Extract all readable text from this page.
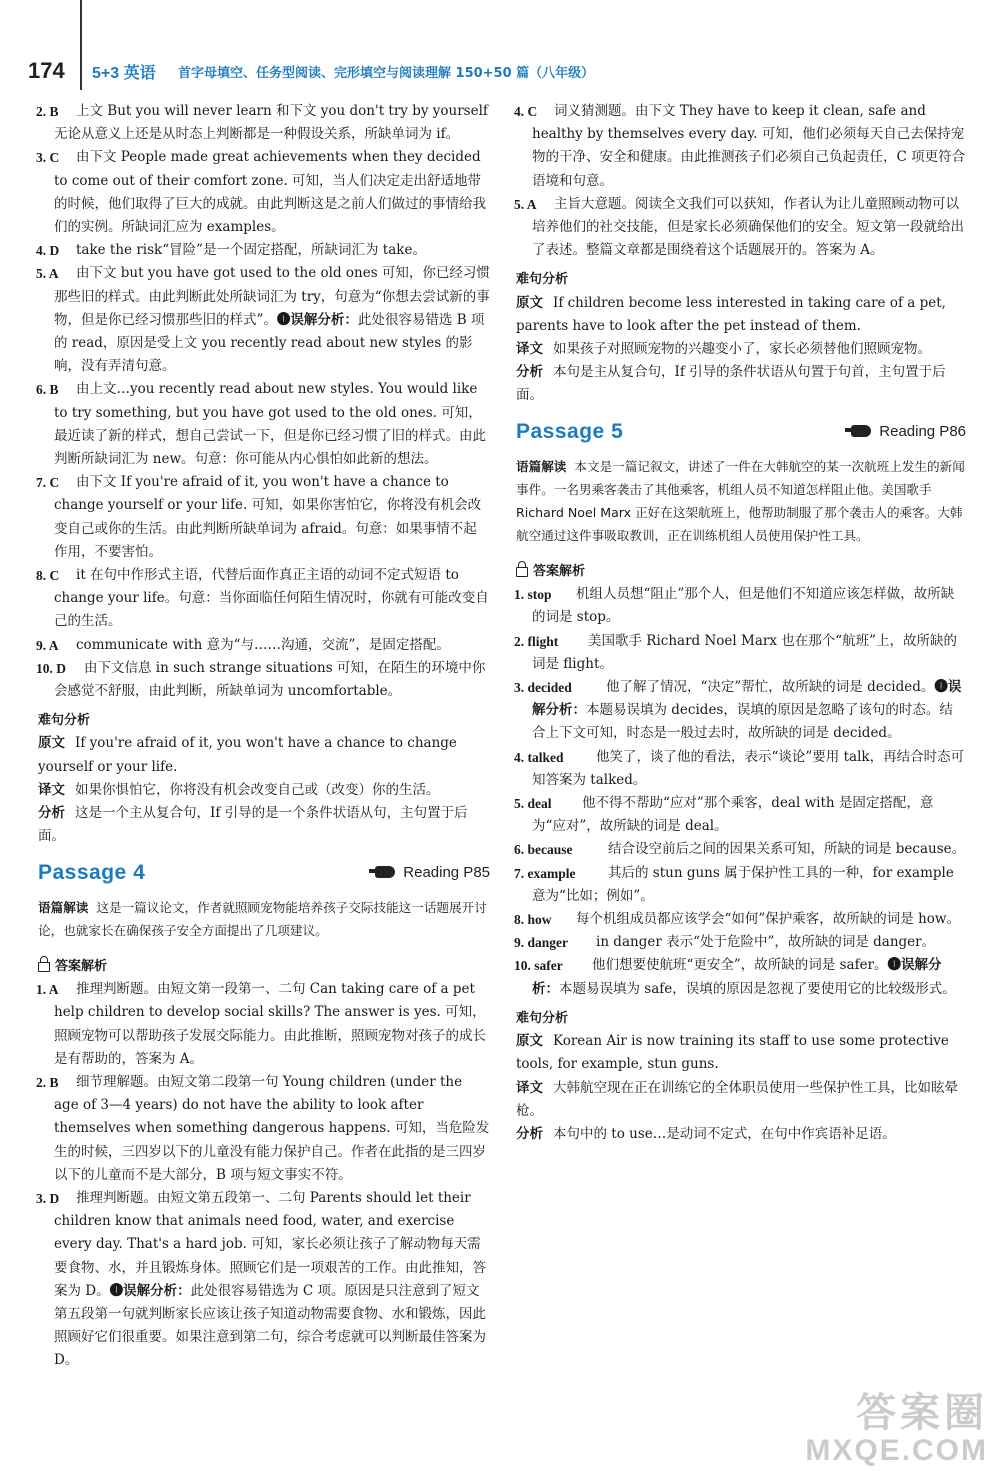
174 5+3 英语 首字母填空、任务型阅读、完形填空与阅读理解 150+50 篇（八年级）
2. B 上文 But you will never learn 和下文 you don't try by yourself 无论从意义上还是从时态上判断都是一种假设关系，所缺单词为 if。
3. C 由下文 People made great achievements when they decided to come out of their comfort zone. 可知，当人们决定走出舒适地带的时候，他们取得了巨大的成就。由此判断这是之前人们做过的事情给我们的实例。所缺词汇应为 examples。
4. D take the risk“冒险”是一个固定搭配，所缺词汇为 take。
5. A 由下文 but you have got used to the old ones 可知，你已经习惯那些旧的样式。由此判断此处所缺词汇为 try，句意为“你想去尝试新的事物，但是你已经习惯那些旧的样式”。❶误解分析：此处很容易错选 B 项的 read，原因是受上文 you recently read about new styles 的影响，没有弄清句意。
6. B 由上文…you recently read about new styles. You would like to try something, but you have got used to the old ones. 可知，最近读了新的样式，想自己尝试一下，但是你已经习惯了旧的样式。由此判断所缺词汇为 new。句意：你可能从内心惧怕如此新的想法。
7. C 由下文 If you're afraid of it, you won't have a chance to change yourself or your life. 可知，如果你害怕它，你将没有机会改变自己或你的生活。由此判断所缺单词为 afraid。句意：如果事情不起作用，不要害怕。
8. C it 在句中作形式主语，代替后面作真正主语的动词不定式短语 to change your life。句意：当你面临任何陌生情况时，你就有可能改变自己的生活。
9. A communicate with 意为“与……沟通，交流”，是固定搭配。
10. D 由下文信息 in such strange situations 可知，在陌生的环境中你会感觉不舒服，由此判断，所缺单词为 uncomfortable。
难句分析

原文 If you're afraid of it, you won't have a chance to change yourself or your life.

译文 如果你惧怕它，你将没有机会改变自己或（改变）你的生活。

分析 这是一个主从复合句，If 引导的是一个条件状语从句，主句置于后面。

Passage 4	Reading P85

语篇解读 这是一篇议论文，作者就照顾宠物能培养孩子交际技能这一话题展开讨论，也就家长在确保孩子安全方面提出了几项建议。

答案解析
1. A 推理判断题。由短文第一段第一、二句 Can taking care of a pet help children to develop social skills? The answer is yes. 可知，照顾宠物可以帮助孩子发展交际能力。由此推断，照顾宠物对孩子的成长是有帮助的，答案为 A。
2. B 细节理解题。由短文第二段第一句 Young children (under the age of 3—4 years) do not have the ability to look after themselves when something dangerous happens. 可知，当危险发生的时候，三四岁以下的儿童没有能力保护自己。作者在此指的是三四岁以下的儿童而不是大部分，B 项与短文事实不符。
3. D 推理判断题。由短文第五段第一、二句 Parents should let their children know that animals need food, water, and exercise every day. That's a hard job. 可知，家长必须让孩子了解动物每天需要食物、水，并且锻炼身体。照顾它们是一项艰苦的工作。由此推知，答案为 D。❶误解分析：此处很容易错选为 C 项。原因是只注意到了短文第五段第一句就判断家长应该让孩子知道动物需要食物、水和锻炼，因此照顾好它们很重要。如果注意到第二句，综合考虑就可以判断最佳答案为 D。
4. C 词义猜测题。由下文 They have to keep it clean, safe and healthy by themselves every day. 可知，他们必须每天自己去保持宠物的干净、安全和健康。由此推测孩子们必须自己负起责任，C 项更符合语境和句意。
5. A 主旨大意题。阅读全文我们可以获知，作者认为让儿童照顾动物可以培养他们的社交技能，但是家长必须确保他们的安全。短文第一段就给出了表述。整篇文章都是围绕着这个话题展开的。答案为 A。
难句分析

原文 If children become less interested in taking care of a pet, parents have to look after the pet instead of them.

译文 如果孩子对照顾宠物的兴趣变小了，家长必须替他们照顾宠物。

分析 本句是主从复合句，If 引导的条件状语从句置于句首，主句置于后面。

Passage 5	Reading P86

语篇解读 本文是一篇记叙文，讲述了一件在大韩航空的某一次航班上发生的新闻事件。一名男乘客袭击了其他乘客，机组人员不知道怎样阻止他。美国歌手 Richard Noel Marx 正好在这架航班上，他帮助制服了那个袭击人的乘客。大韩航空通过这件事吸取教训，正在训练机组人员使用保护性工具。

答案解析
1. stop 机组人员想“阻止”那个人，但是他们不知道应该怎样做，故所缺的词是 stop。
2. flight 美国歌手 Richard Noel Marx 也在那个“航班”上，故所缺的词是 flight。
3. decided	他了解了情况，“决定”帮忙，故所缺的词是 decided。❶误解分析：本题易误填为 decides，误填的原因是忽略了该句的时态。结合上下文可知，时态是一般过去时，故所缺的词是 decided。
4. talked 他笑了，谈了他的看法，表示“谈论”要用 talk，再结合时态可知答案为 talked。
5. deal 他不得不帮助“应对”那个乘客，deal with 是固定搭配，意为“应对”，故所缺的词是 deal。
6. because	结合设空前后之间的因果关系可知，所缺的词是 because。
7. example 其后的 stun guns 属于保护性工具的一种，for example 意为“比如；例如”。
8. how 每个机组成员都应该学会“如何”保护乘客，故所缺的词是 how。
9. danger in danger 表示“处于危险中”，故所缺的词是 danger。
10. safer 他们想要使航班“更安全”，故所缺的词是 safer。❶误解分析：本题易误填为 safe，误填的原因是忽视了要使用它的比较级形式。
难句分析

原文 Korean Air is now training its staff to use some protective tools, for example, stun guns.

译文 大韩航空现在正在训练它的全体职员使用一些保护性工具，比如眩晕枪。

分析 本句中的 to use…是动词不定式，在句中作宾语补足语。

答案圈
MXQE.COM
